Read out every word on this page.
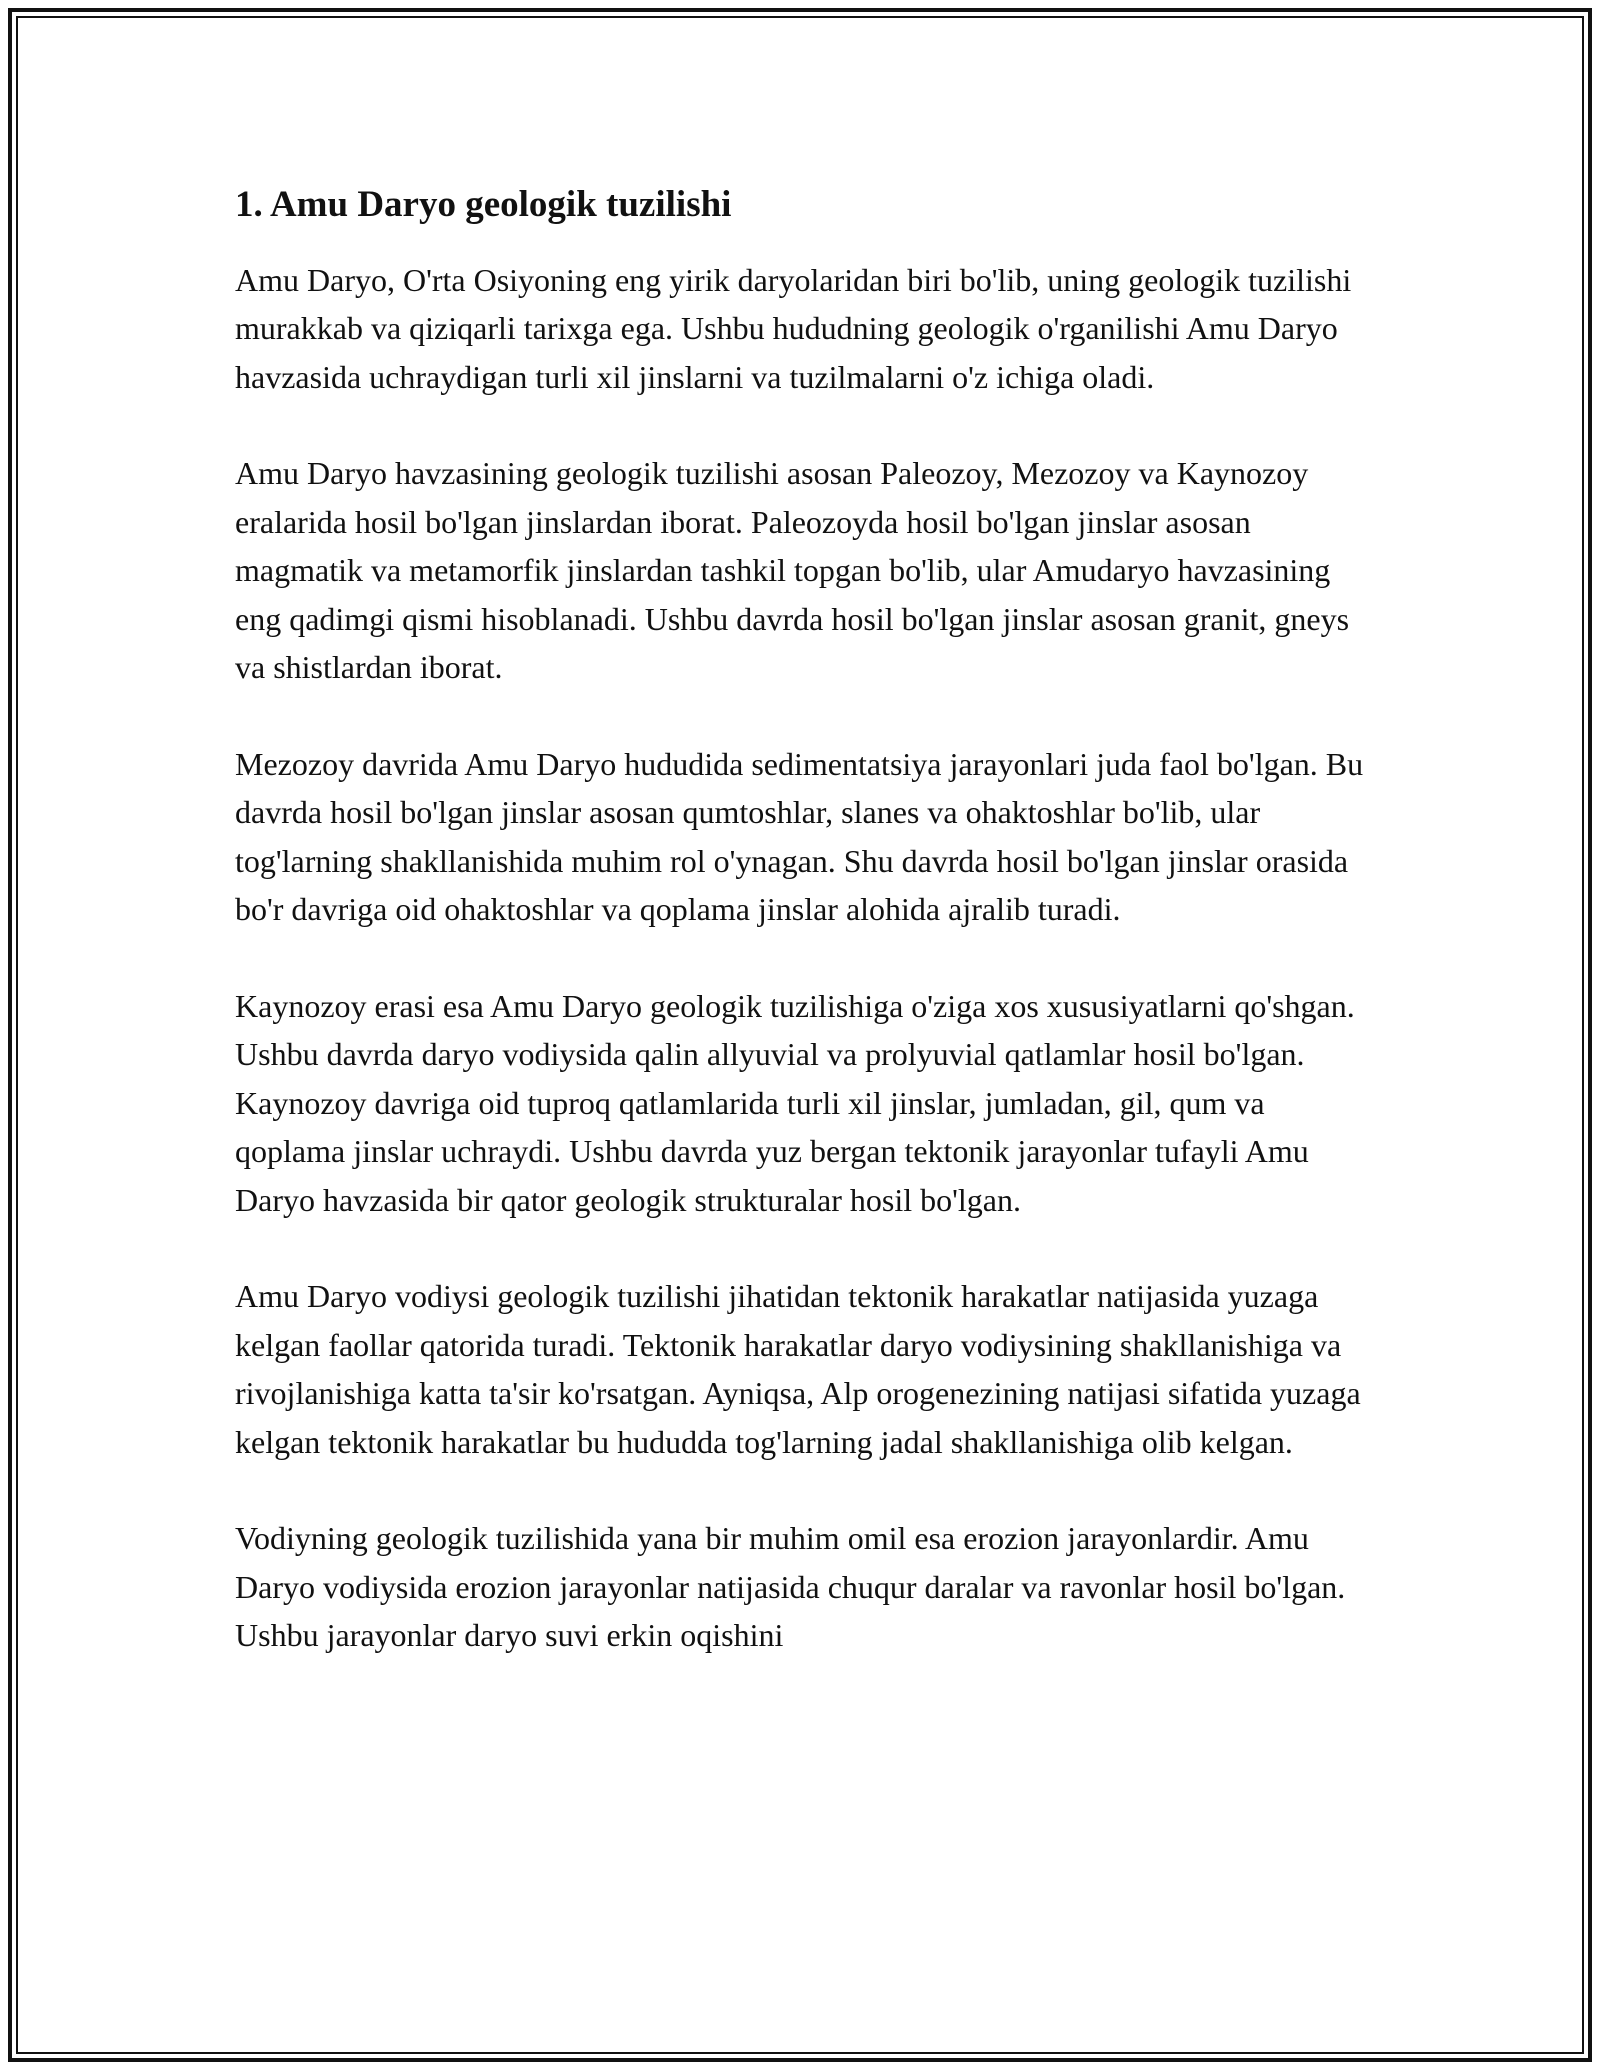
1. Amu Daryo geologik tuzilishi

Amu Daryo, O'rta Osiyoning eng yirik daryolaridan biri bo'lib, uning geologik tuzilishi murakkab va qiziqarli tarixga ega. Ushbu hududning geologik o'rganilishi Amu Daryo havzasida uchraydigan turli xil jinslarni va tuzilmalarni o'z ichiga oladi.

Amu Daryo havzasining geologik tuzilishi asosan Paleozoy, Mezozoy va Kaynozoy eralarida hosil bo'lgan jinslardan iborat. Paleozoyda hosil bo'lgan jinslar asosan magmatik va metamorfik jinslardan tashkil topgan bo'lib, ular Amudaryo havzasining eng qadimgi qismi hisoblanadi. Ushbu davrda hosil bo'lgan jinslar asosan granit, gneys va shistlardan iborat.

Mezozoy davrida Amu Daryo hududida sedimentatsiya jarayonlari juda faol bo'lgan. Bu davrda hosil bo'lgan jinslar asosan qumtoshlar, slanes va ohaktoshlar bo'lib, ular tog'larning shakllanishida muhim rol o'ynagan. Shu davrda hosil bo'lgan jinslar orasida bo'r davriga oid ohaktoshlar va qoplama jinslar alohida ajralib turadi.

Kaynozoy erasi esa Amu Daryo geologik tuzilishiga o'ziga xos xususiyatlarni qo'shgan. Ushbu davrda daryo vodiysida qalin allyuvial va prolyuvial qatlamlar hosil bo'lgan. Kaynozoy davriga oid tuproq qatlamlarida turli xil jinslar, jumladan, gil, qum va qoplama jinslar uchraydi. Ushbu davrda yuz bergan tektonik jarayonlar tufayli Amu Daryo havzasida bir qator geologik strukturalar hosil bo'lgan.

Amu Daryo vodiysi geologik tuzilishi jihatidan tektonik harakatlar natijasida yuzaga kelgan faollar qatorida turadi. Tektonik harakatlar daryo vodiysining shakllanishiga va rivojlanishiga katta ta'sir ko'rsatgan. Ayniqsa, Alp orogenezining natijasi sifatida yuzaga kelgan tektonik harakatlar bu hududda tog'larning jadal shakllanishiga olib kelgan.

Vodiyning geologik tuzilishida yana bir muhim omil esa erozion jarayonlardir. Amu Daryo vodiysida erozion jarayonlar natijasida chuqur daralar va ravonlar hosil bo'lgan. Ushbu jarayonlar daryo suvi erkin oqishini
